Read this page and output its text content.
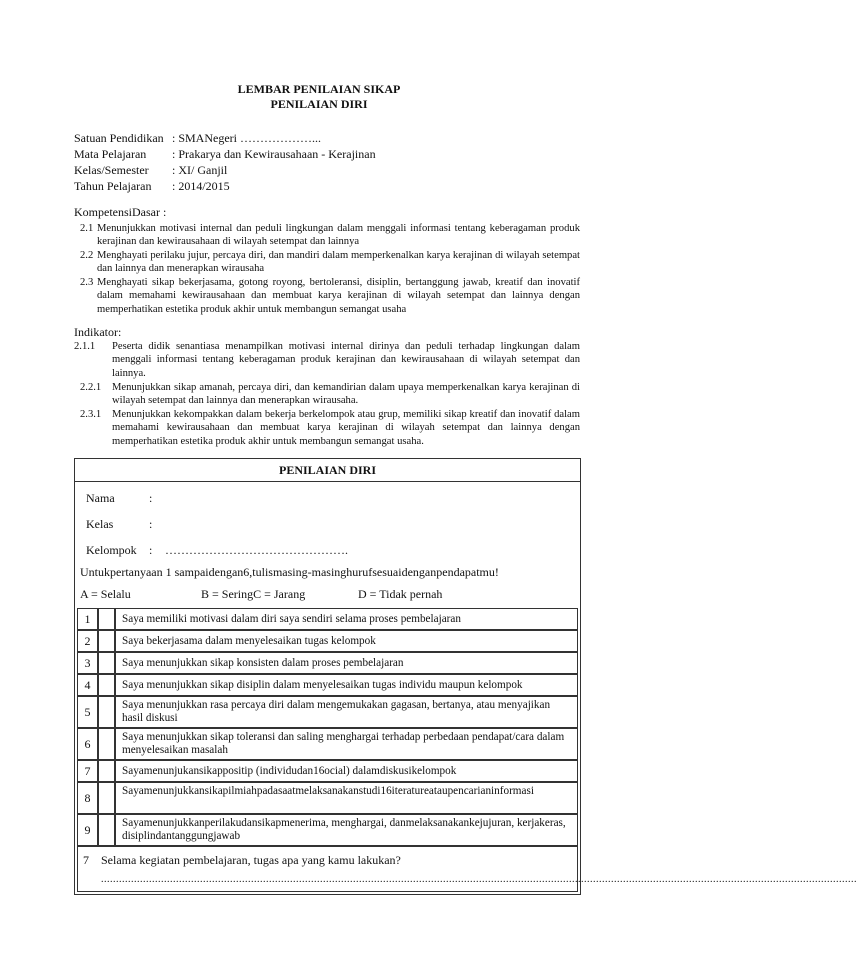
LEMBAR PENILAIAN SIKAP
PENILAIAN DIRI
Satuan Pendidikan : SMANegeri ………………...
Mata Pelajaran : Prakarya dan Kewirausahaan - Kerajinan
Kelas/Semester : XI/ Ganjil
Tahun Pelajaran : 2014/2015
KompetensiDasar :
2.1 Menunjukkan motivasi internal dan peduli lingkungan dalam menggali informasi tentang keberagaman produk kerajinan dan kewirausahaan di wilayah setempat dan lainnya
2.2 Menghayati perilaku jujur, percaya diri, dan mandiri dalam memperkenalkan karya kerajinan di wilayah setempat dan lainnya dan menerapkan wirausaha
2.3 Menghayati sikap bekerjasama, gotong royong, bertoleransi, disiplin, bertanggung jawab, kreatif dan inovatif dalam memahami kewirausahaan dan membuat karya kerajinan di wilayah setempat dan lainnya dengan memperhatikan estetika produk akhir untuk membangun semangat usaha
Indikator:
2.1.1 Peserta didik senantiasa menampilkan motivasi internal dirinya dan peduli terhadap lingkungan dalam menggali informasi tentang keberagaman produk kerajinan dan kewirausahaan di wilayah setempat dan lainnya.
2.2.1 Menunjukkan sikap amanah, percaya diri, dan kemandirian dalam upaya memperkenalkan karya kerajinan di wilayah setempat dan lainnya dan menerapkan wirausaha.
2.3.1 Menunjukkan kekompakkan dalam bekerja berkelompok atau grup, memiliki sikap kreatif dan inovatif dalam memahami kewirausahaan dan membuat karya kerajinan di wilayah setempat dan lainnya dengan memperhatikan estetika produk akhir untuk membangun semangat usaha.
PENILAIAN DIRI
Nama	:
Kelas	:
Kelompok : ……………………………………….
Untukpertanyaan 1 sampaidengan6,tulismasing-masinghurufsesuaidenganpendapatmu!
A = Selalu	B = SeringC = Jarang	D = Tidak pernah
1	Saya memiliki motivasi dalam diri saya sendiri selama proses pembelajaran
2	Saya bekerjasama dalam menyelesaikan tugas kelompok
3	Saya menunjukkan sikap konsisten dalam proses pembelajaran
4	Saya menunjukkan sikap disiplin dalam menyelesaikan tugas individu maupun kelompok
5	Saya menunjukkan rasa percaya diri dalam mengemukakan gagasan, bertanya, atau menyajikan hasil diskusi
6	Saya menunjukkan sikap toleransi dan saling menghargai terhadap perbedaan pendapat/cara dalam menyelesaikan masalah
7	Sayamenunjukansikappositip (individudan16ocial) dalamdiskusikelompok
8	Sayamenunjukkansikapilmiahpadasaatmelaksanakanstudi16iteratureataupencarianinformasi
9	Sayamenunjukkanperilakudansikapmenerima, menghargai, danmelaksanakankejujuran, kerjakeras, disiplindantanggungjawab
7 Selama kegiatan pembelajaran, tugas apa yang kamu lakukan?
............................................................................................................................................................................................................................................................
